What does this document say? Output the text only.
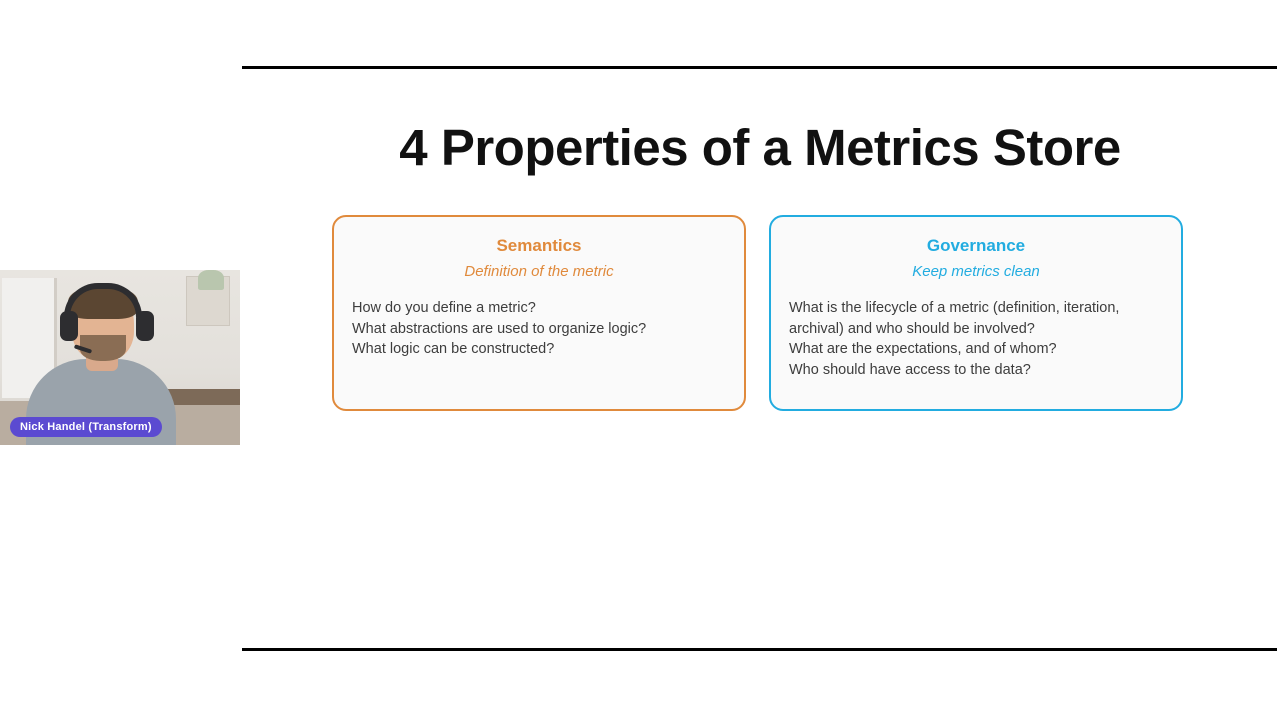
Nick Handel (Transform)
4 Properties of a Metrics Store
Semantics
Definition of the metric
How do you define a metric?
What abstractions are used to organize logic?
What logic can be constructed?
Governance
Keep metrics clean
What is the lifecycle of a metric (definition, iteration, archival) and who should be involved?
What are the expectations, and of whom?
Who should have access to the data?
